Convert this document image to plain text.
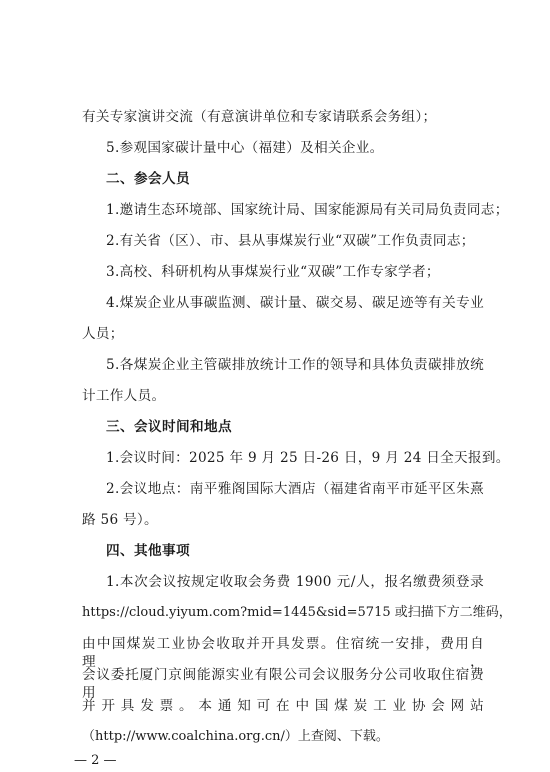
有关专家演讲交流（有意演讲单位和专家请联系会务组）；
5.参观国家碳计量中心（福建）及相关企业。
二、参会人员
1.邀请生态环境部、国家统计局、国家能源局有关司局负责同志；
2.有关省（区）、市、县从事煤炭行业“双碳”工作负责同志；
3.高校、科研机构从事煤炭行业“双碳”工作专家学者；
4.煤炭企业从事碳监测、碳计量、碳交易、碳足迹等有关专业
人员；
5.各煤炭企业主管碳排放统计工作的领导和具体负责碳排放统
计工作人员。
三、会议时间和地点
1.会议时间：2025 年 9 月 25 日-26 日，9 月 24 日全天报到。
2.会议地点：南平雅阁国际大酒店（福建省南平市延平区朱熹
路 56 号）。
四、其他事项
1.本次会议按规定收取会务费 1900 元/人，报名缴费须登录
https://cloud.yiyum.com?mid=1445&sid=5715 或扫描下方二维码，
由中国煤炭工业协会收取并开具发票。住宿统一安排，费用自理，
会议委托厦门京闽能源实业有限公司会议服务分公司收取住宿费用
并开具发票。本通知可在中国煤炭工业协会网站
（http://www.coalchina.org.cn/）上查阅、下载。
— 2 —
